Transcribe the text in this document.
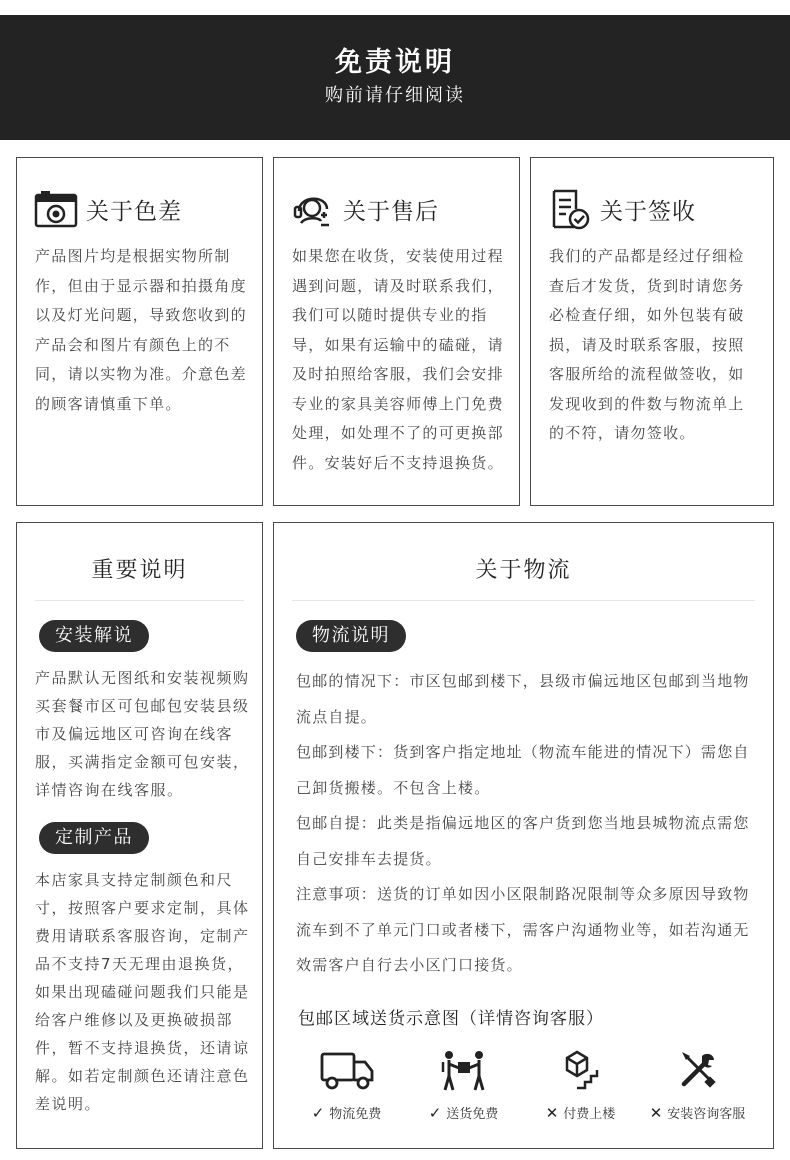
免责说明
购前请仔细阅读
关于色差
产品图片均是根据实物所制作，但由于显示器和拍摄角度以及灯光问题，导致您收到的产品会和图片有颜色上的不同，请以实物为准。介意色差的顾客请慎重下单。
关于售后
如果您在收货，安装使用过程遇到问题，请及时联系我们，我们可以随时提供专业的指导，如果有运输中的磕碰，请及时拍照给客服，我们会安排专业的家具美容师傅上门免费处理，如处理不了的可更换部件。安装好后不支持退换货。
关于签收
我们的产品都是经过仔细检查后才发货，货到时请您务必检查仔细，如外包装有破损，请及时联系客服，按照客服所给的流程做签收，如发现收到的件数与物流单上的不符，请勿签收。
重要说明
安装解说
产品默认无图纸和安装视频购买套餐市区可包邮包安装县级市及偏远地区可咨询在线客服，买满指定金额可包安装，详情咨询在线客服。
定制产品
本店家具支持定制颜色和尺寸，按照客户要求定制，具体费用请联系客服咨询，定制产品不支持7天无理由退换货，如果出现磕碰问题我们只能是给客户维修以及更换破损部件，暂不支持退换货，还请谅解。如若定制颜色还请注意色差说明。
关于物流
物流说明

包邮的情况下：市区包邮到楼下，县级市偏远地区包邮到当地物流点自提。

包邮到楼下：货到客户指定地址（物流车能进的情况下）需您自己卸货搬楼。不包含上楼。

包邮自提：此类是指偏远地区的客户货到您当地县城物流点需您自己安排车去提货。

注意事项：送货的订单如因小区限制路况限制等众多原因导致物流车到不了单元门口或者楼下，需客户沟通物业等，如若沟通无效需客户自行去小区门口接货。

包邮区域送货示意图（详情咨询客服）
✓ 物流免费	✓ 送货免费	✕ 付费上楼	✕ 安装咨询客服
